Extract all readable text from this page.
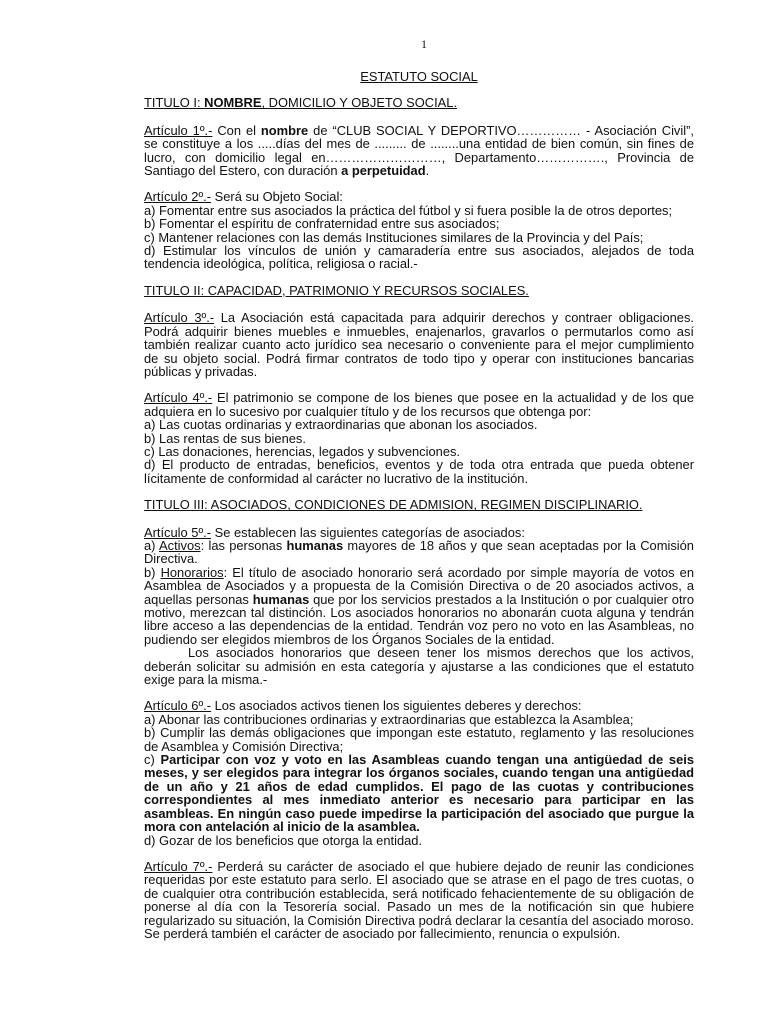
1
ESTATUTO SOCIAL
TITULO I: NOMBRE, DOMICILIO Y OBJETO SOCIAL.

Artículo 1º.- Con el nombre de “CLUB SOCIAL Y DEPORTIVO…………… - Asociación Civil”, se constituye a los .....días del mes de ......... de ........una entidad de bien común, sin fines de lucro, con domicilio legal en………………………, Departamento……………., Provincia de Santiago del Estero, con duración a perpetuidad.

Artículo 2º.- Será su Objeto Social:

a) Fomentar entre sus asociados la práctica del fútbol y si fuera posible la de otros deportes;

b) Fomentar el espíritu de confraternidad entre sus asociados;

c) Mantener relaciones con las demás Instituciones similares de la Provincia y del País;

d) Estimular los vínculos de unión y camaradería entre sus asociados, alejados de toda tendencia ideológica, política, religiosa o racial.-

TITULO II: CAPACIDAD, PATRIMONIO Y RECURSOS SOCIALES.

Artículo 3º.- La Asociación está capacitada para adquirir derechos y contraer obligaciones. Podrá adquirir bienes muebles e inmuebles, enajenarlos, gravarlos o permutarlos como así también realizar cuanto acto jurídico sea necesario o conveniente para el mejor cumplimiento de su objeto social. Podrá firmar contratos de todo tipo y operar con instituciones bancarias públicas y privadas.

Artículo 4º.- El patrimonio se compone de los bienes que posee en la actualidad y de los que adquiera en lo sucesivo por cualquier título y de los recursos que obtenga por:

a) Las cuotas ordinarias y extraordinarias que abonan los asociados.

b) Las rentas de sus bienes.

c) Las donaciones, herencias, legados y subvenciones.

d) El producto de entradas, beneficios, eventos y de toda otra entrada que pueda obtener lícitamente de conformidad al carácter no lucrativo de la institución.

TITULO III: ASOCIADOS, CONDICIONES DE ADMISION, REGIMEN DISCIPLINARIO.

Artículo 5º.- Se establecen las siguientes categorías de asociados:

a) Activos: las personas humanas mayores de 18 años y que sean aceptadas por la Comisión Directiva.

b) Honorarios: El título de asociado honorario será acordado por simple mayoría de votos en Asamblea de Asociados y a propuesta de la Comisión Directiva o de 20 asociados activos, a aquellas personas humanas que por los servicios prestados a la Institución o por cualquier otro motivo, merezcan tal distinción. Los asociados honorarios no abonarán cuota alguna y tendrán libre acceso a las dependencias de la entidad. Tendrán voz pero no voto en las Asambleas, no pudiendo ser elegidos miembros de los Órganos Sociales de la entidad.

Los asociados honorarios que deseen tener los mismos derechos que los activos, deberán solicitar su admisión en esta categoría y ajustarse a las condiciones que el estatuto exige para la misma.-

Artículo 6º.- Los asociados activos tienen los siguientes deberes y derechos:

a) Abonar las contribuciones ordinarias y extraordinarias que establezca la Asamblea;

b) Cumplir las demás obligaciones que impongan este estatuto, reglamento y las resoluciones de Asamblea y Comisión Directiva;

c) Participar con voz y voto en las Asambleas cuando tengan una antigüedad de seis meses, y ser elegidos para integrar los órganos sociales, cuando tengan una antigüedad de un año y 21 años de edad cumplidos. El pago de las cuotas y contribuciones correspondientes al mes inmediato anterior es necesario para participar en las asambleas. En ningún caso puede impedirse la participación del asociado que purgue la mora con antelación al inicio de la asamblea.

d) Gozar de los beneficios que otorga la entidad.

Artículo 7º.- Perderá su carácter de asociado el que hubiere dejado de reunir las condiciones requeridas por este estatuto para serlo. El asociado que se atrase en el pago de tres cuotas, o de cualquier otra contribución establecida, será notificado fehacientemente de su obligación de ponerse al día con la Tesorería social. Pasado un mes de la notificación sin que hubiere regularizado su situación, la Comisión Directiva podrá declarar la cesantía del asociado moroso. Se perderá también el carácter de asociado por fallecimiento, renuncia o expulsión.
